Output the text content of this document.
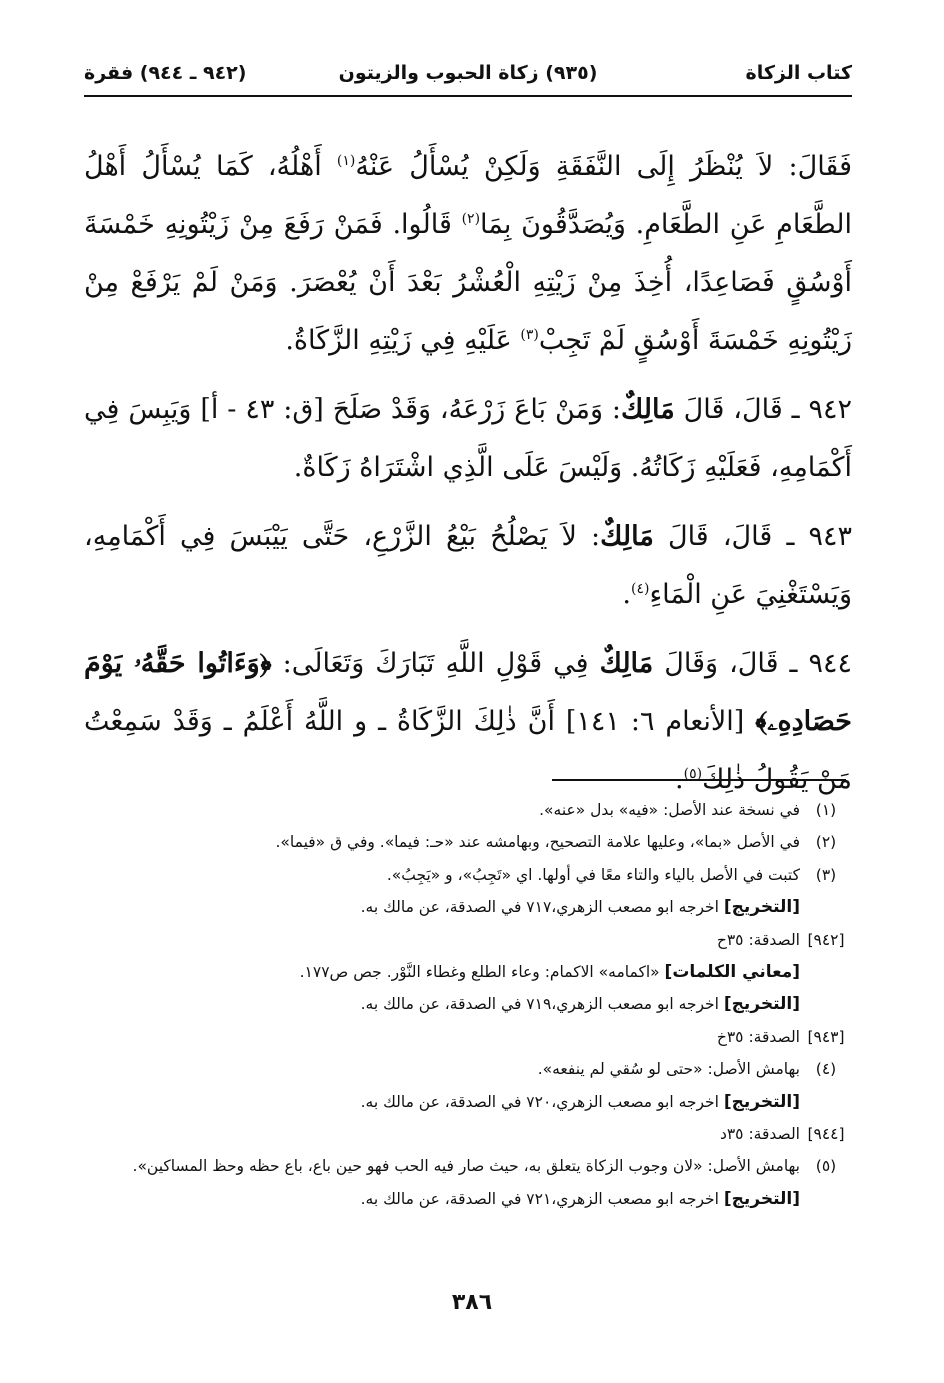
(٩٣٥) زكاة الحبوب والزيتون	كتاب الزكاة
(٩٤٢ ـ ٩٤٤) فقرة

فَقَالَ: لاَ يُنْظَرُ إِلَى النَّفَقَةِ وَلَكِنْ يُسْأَلُ عَنْهُ$^{(١)}$ أَهْلُهُ، كَمَا يُسْأَلُ أَهْلُ الطَّعَامِ عَنِ الطَّعَامِ. وَيُصَدَّقُونَ بِمَا$^{(٢)}$ قَالُوا. فَمَنْ رَفَعَ مِنْ زَيْتُونِهِ خَمْسَةَ أَوْسُقٍ فَصَاعِدًا، أُخِذَ مِنْ زَيْتِهِ الْعُشْرُ بَعْدَ أَنْ يُعْصَرَ. وَمَنْ لَمْ يَرْفَعْ مِنْ زَيْتُونِهِ خَمْسَةَ أَوْسُقٍ لَمْ تَجِبْ$^{(٣)}$ عَلَيْهِ فِي زَيْتِهِ الزَّكَاةُ.

٩٤٢ ـ قَالَ، قَالَ مَالِكٌ: وَمَنْ بَاعَ زَرْعَهُ، وَقَدْ صَلَحَ [ق: ٤٣ - أ] وَيَبِسَ فِي أَكْمَامِهِ، فَعَلَيْهِ زَكَاتُهُ. وَلَيْسَ عَلَى الَّذِي اشْتَرَاهُ زَكَاةٌ.

٩٤٣ ـ قَالَ، قَالَ مَالِكٌ: لاَ يَصْلُحُ بَيْعُ الزَّرْعِ، حَتَّى يَيْبَسَ فِي أَكْمَامِهِ، وَيَسْتَغْنِيَ عَنِ الْمَاءِ$^{(٤)}$.

٩٤٤ ـ قَالَ، وَقَالَ مَالِكٌ فِي قَوْلِ اللَّهِ تَبَارَكَ وَتَعَالَى: ﴿وَءَاتُوا حَقَّهُۥ يَوْمَ حَصَادِهِۦ﴾ [الأنعام ٦: ١٤١] أَنَّ ذٰلِكَ الزَّكَاةُ ـ و اللَّهُ أَعْلَمُ ـ وَقَدْ سَمِعْتُ مَنْ يَقُولُ ذٰلِكَ$^{(٥)}$.

(١)
في نسخة عند الأصل: «فيه» بدل «عنه».
(٢)
في الأصل «بما»، وعليها علامة التصحيح، وبهامشه عند «حـ: فيما». وفي ق «فيما».
(٣)
كتبت في الأصل بالياء والتاء معًا في أولها. اي «تَجِبُ»، و «يَجِبُ».
[التخريج] اخرجه ابو مصعب الزهري،٧١٧ في الصدقة، عن مالك به.
[٩٤٢]
الصدقة: ٣٥ح
[معاني الكلمات] «اكمامه» الاكمام: وعاء الطلع وغطاء النَّوْر. جص ص١٧٧.
[التخريج] اخرجه ابو مصعب الزهري،٧١٩ في الصدقة، عن مالك به.
[٩٤٣]
الصدقة: ٣٥خ
(٤)
بهامش الأصل: «حتى لو سُقي لم ينفعه».
[التخريج] اخرجه ابو مصعب الزهري،٧٢٠ في الصدقة، عن مالك به.
[٩٤٤]
الصدقة: ٣٥د
(٥)
بهامش الأصل: «لان وجوب الزكاة يتعلق به، حيث صار فيه الحب فهو حين باع، باع حظه وحظ المساكين».
[التخريج] اخرجه ابو مصعب الزهري،٧٢١ في الصدقة، عن مالك به.
٣٨٦
